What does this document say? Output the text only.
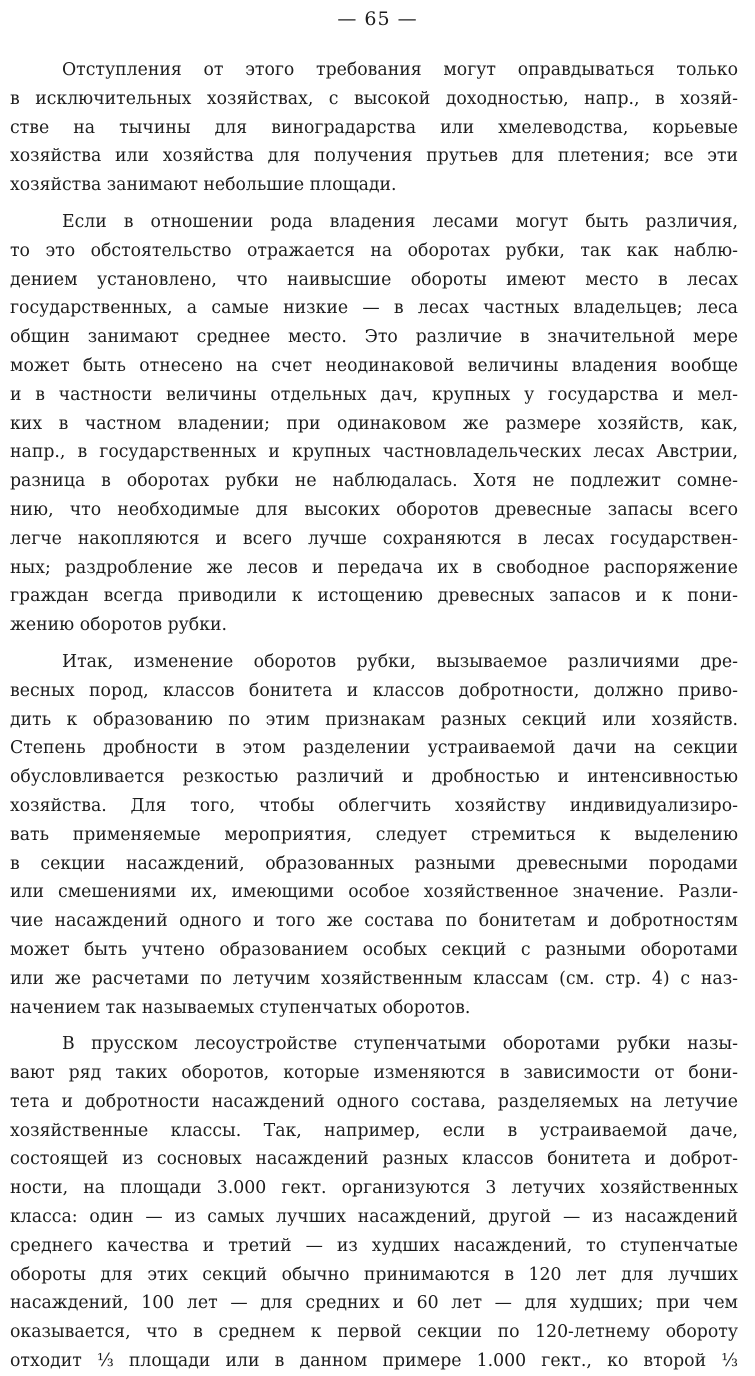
— 65 —
Отступления от этого требования могут оправдываться только
в исключительных хозяйствах, с высокой доходностью, напр., в хозяй-
стве на тычины для виноградарства или хмелеводства, корьевые
хозяйства или хозяйства для получения прутьев для плетения; все эти
хозяйства занимают небольшие площади.
Если в отношении рода владения лесами могут быть различия,
то это обстоятельство отражается на оборотах рубки, так как наблю-
дением установлено, что наивысшие обороты имеют место в лесах
государственных, а самые низкие — в лесах частных владельцев; леса
общин занимают среднее место. Это различие в значительной мере
может быть отнесено на счет неодинаковой величины владения вообще
и в частности величины отдельных дач, крупных у государства и мел-
ких в частном владении; при одинаковом же размере хозяйств, как,
напр., в государственных и крупных частновладельческих лесах Австрии,
разница в оборотах рубки не наблюдалась. Хотя не подлежит сомне-
нию, что необходимые для высоких оборотов древесные запасы всего
легче накопляются и всего лучше сохраняются в лесах государствен-
ных; раздробление же лесов и передача их в свободное распоряжение
граждан всегда приводили к истощению древесных запасов и к пони-
жению оборотов рубки.
Итак, изменение оборотов рубки, вызываемое различиями дре-
весных пород, классов бонитета и классов добротности, должно приво-
дить к образованию по этим признакам разных секций или хозяйств.
Степень дробности в этом разделении устраиваемой дачи на секции
обусловливается резкостью различий и дробностью и интенсивностью
хозяйства. Для того, чтобы облегчить хозяйству индивидуализиро-
вать применяемые мероприятия, следует стремиться к выделению
в секции насаждений, образованных разными древесными породами
или смешениями их, имеющими особое хозяйственное значение. Разли-
чие насаждений одного и того же состава по бонитетам и добротностям
может быть учтено образованием особых секций с разными оборотами
или же расчетами по летучим хозяйственным классам (см. стр. 4) с наз-
начением так называемых ступенчатых оборотов.
В прусском лесоустройстве ступенчатыми оборотами рубки назы-
вают ряд таких оборотов, которые изменяются в зависимости от бони-
тета и добротности насаждений одного состава, разделяемых на летучие
хозяйственные классы. Так, например, если в устраиваемой даче,
состоящей из сосновых насаждений разных классов бонитета и доброт-
ности, на площади 3.000 гект. организуются 3 летучих хозяйственных
класса: один — из самых лучших насаждений, другой — из насаждений
среднего качества и третий — из худших насаждений, то ступенчатые
обороты для этих секций обычно принимаются в 120 лет для лучших
насаждений, 100 лет — для средних и 60 лет — для худших; при чем
оказывается, что в среднем к первой секции по 120-летнему обороту
отходит ⅓ площади или в данном примере 1.000 гект., ко второй ⅓
